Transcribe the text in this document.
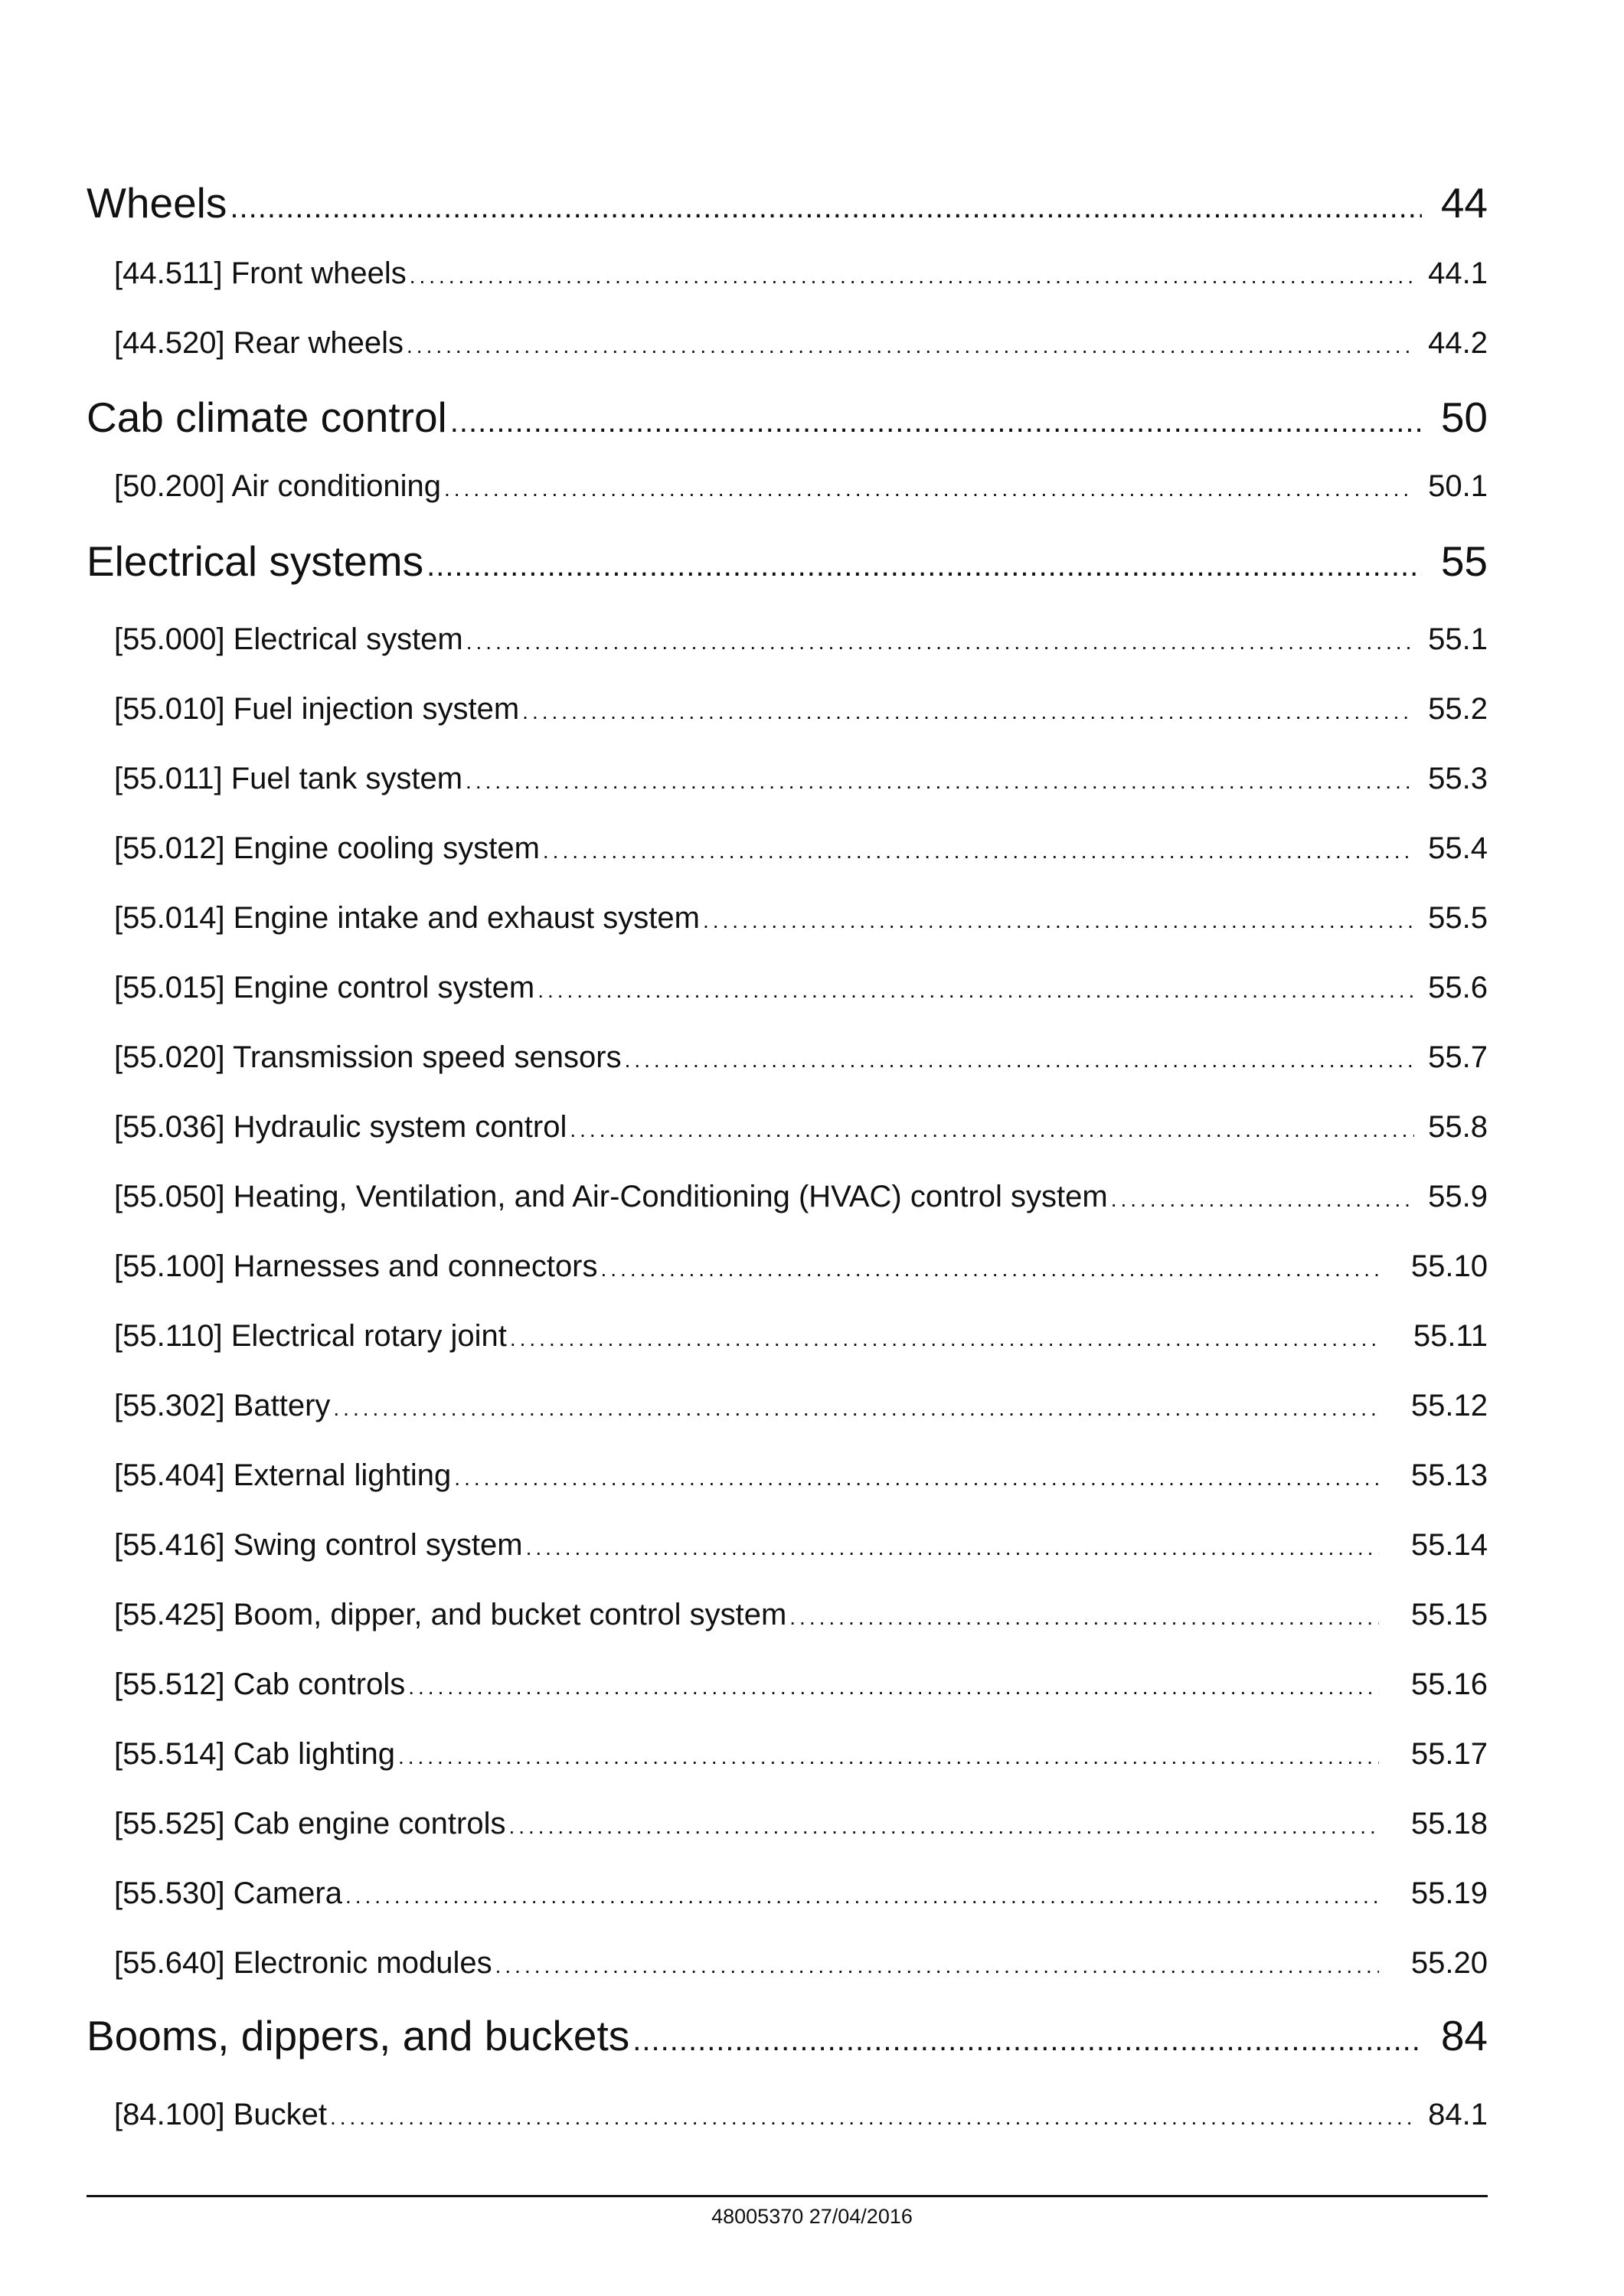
Wheels .....	44
[44.511] Front wheels .....	44.1
[44.520] Rear wheels .....	44.2
Cab climate control .....	50
[50.200] Air conditioning .....	50.1
Electrical systems .....	55
[55.000] Electrical system .....	55.1
[55.010] Fuel injection system .....	55.2
[55.011] Fuel tank system .....	55.3
[55.012] Engine cooling system .....	55.4
[55.014] Engine intake and exhaust system .....	55.5
[55.015] Engine control system .....	55.6
[55.020] Transmission speed sensors .....	55.7
[55.036] Hydraulic system control .....	55.8
[55.050] Heating, Ventilation, and Air-Conditioning (HVAC) control system .....	55.9
[55.100] Harnesses and connectors .....	55.10
[55.110] Electrical rotary joint .....	55.11
[55.302] Battery .....	55.12
[55.404] External lighting .....	55.13
[55.416] Swing control system .....	55.14
[55.425] Boom, dipper, and bucket control system .....	55.15
[55.512] Cab controls .....	55.16
[55.514] Cab lighting .....	55.17
[55.525] Cab engine controls .....	55.18
[55.530] Camera .....	55.19
[55.640] Electronic modules .....	55.20
Booms, dippers, and buckets .....	84
[84.100] Bucket .....	84.1
48005370 27/04/2016
